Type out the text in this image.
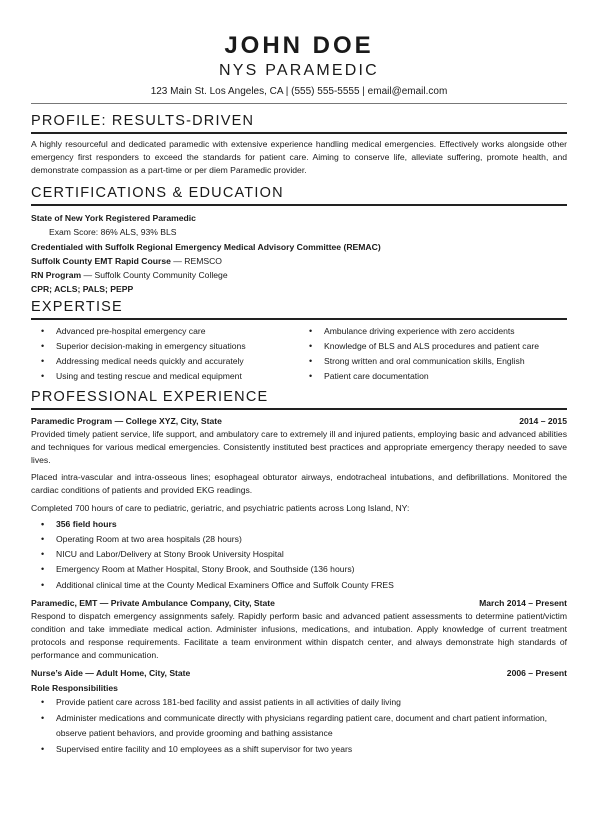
JOHN DOE
NYS PARAMEDIC
123 Main St. Los Angeles, CA | (555) 555-5555 | email@email.com
PROFILE: RESULTS-DRIVEN
A highly resourceful and dedicated paramedic with extensive experience handling medical emergencies. Effectively works alongside other emergency first responders to exceed the standards for patient care. Aiming to conserve life, alleviate suffering, promote health, and demonstrate compassion as a part-time or per diem Paramedic provider.
CERTIFICATIONS & EDUCATION
State of New York Registered Paramedic
Exam Score: 86% ALS, 93% BLS
Credentialed with Suffolk Regional Emergency Medical Advisory Committee (REMAC)
Suffolk County EMT Rapid Course — REMSCO
RN Program — Suffolk County Community College
CPR; ACLS; PALS; PEPP
EXPERTISE
• Advanced pre-hospital emergency care
• Superior decision-making in emergency situations
• Addressing medical needs quickly and accurately
• Using and testing rescue and medical equipment
• Ambulance driving experience with zero accidents
• Knowledge of BLS and ALS procedures and patient care
• Strong written and oral communication skills, English
• Patient care documentation
PROFESSIONAL EXPERIENCE
Paramedic Program — College XYZ, City, State	2014 – 2015
Provided timely patient service, life support, and ambulatory care to extremely ill and injured patients, employing basic and advanced abilities and techniques for various medical emergencies. Consistently instituted best practices and appropriate emergency therapy needed to save lives.
Placed intra-vascular and intra-osseous lines; esophageal obturator airways, endotracheal intubations, and defibrillations. Monitored the cardiac conditions of patients and provided EKG readings.
Completed 700 hours of care to pediatric, geriatric, and psychiatric patients across Long Island, NY:
• 356 field hours
• Operating Room at two area hospitals (28 hours)
• NICU and Labor/Delivery at Stony Brook University Hospital
• Emergency Room at Mather Hospital, Stony Brook, and Southside (136 hours)
• Additional clinical time at the County Medical Examiners Office and Suffolk County FRES
Paramedic, EMT — Private Ambulance Company, City, State	March 2014 – Present
Respond to dispatch emergency assignments safely. Rapidly perform basic and advanced patient assessments to determine patient/victim condition and take immediate medical action. Administer infusions, medications, and intubation. Apply knowledge of current treatment protocols and response requirements. Facilitate a team environment within dispatch center, and always demonstrate high standards of performance and communication.
Nurse’s Aide — Adult Home, City, State	2006 – Present
Role Responsibilities
• Provide patient care across 181-bed facility and assist patients in all activities of daily living
• Administer medications and communicate directly with physicians regarding patient care, document and chart patient information, observe patient behaviors, and provide grooming and bathing assistance
• Supervised entire facility and 10 employees as a shift supervisor for two years
